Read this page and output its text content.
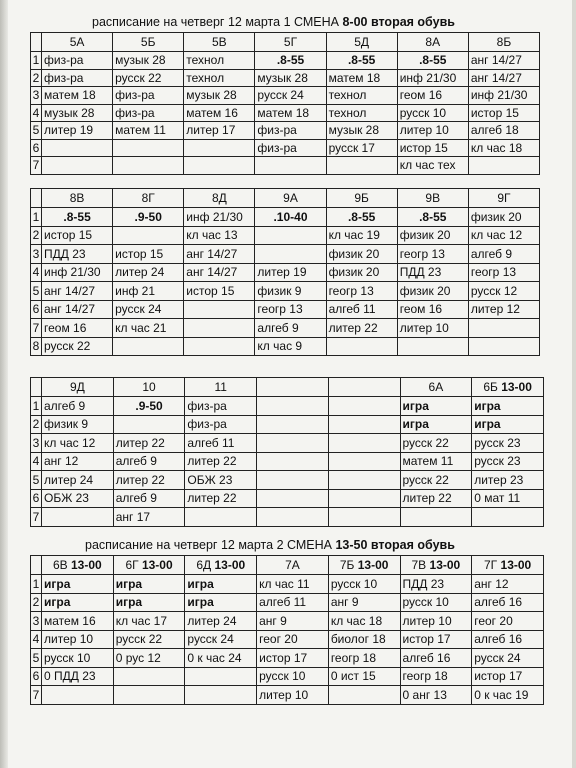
расписание на четверг 12 марта 1 СМЕНА 8-00 вторая обувь
	5А	5Б	5В	5Г	5Д	8А	8Б
1	физ-ра	музык 28	технол	.8-55	.8-55	.8-55	анг 14/27
2	физ-ра	русск 22	технол	музык 28	матем 18	инф 21/30	анг 14/27
3	матем 18	физ-ра	музык 28	русск 24	технол	геом 16	инф 21/30
4	музык 28	физ-ра	матем 16	матем 18	технол	русск 10	истор 15
5	литер 19	матем 11	литер 17	физ-ра	музык 28	литер 10	алгеб 18
6				физ-ра	русск 17	истор 15	кл час 18
7						кл час тех	
	8В	8Г	8Д	9А	9Б	9В	9Г
1	.8-55	.9-50	инф 21/30	.10-40	.8-55	.8-55	физик 20
2	истор 15		кл час 13		кл час 19	физик 20	кл час 12
3	ПДД 23	истор 15	анг 14/27		физик 20	геогр 13	алгеб 9
4	инф 21/30	литер 24	анг 14/27	литер 19	физик 20	ПДД 23	геогр 13
5	анг 14/27	инф 21	истор 15	физик 9	геогр 13	физик 20	русск 12
6	анг 14/27	русск 24		геогр 13	алгеб 11	геом 16	литер 12
7	геом 16	кл час 21		алгеб 9	литер 22	литер 10	
8	русск 22			кл час 9			
	9Д	10	11			6А	6Б 13-00
1	алгеб 9	.9-50	физ-ра			игра	игра
2	физик 9		физ-ра			игра	игра
3	кл час 12	литер 22	алгеб 11			русск 22	русск 23
4	анг 12	алгеб 9	литер 22			матем 11	русск 23
5	литер 24	литер 22	ОБЖ 23			русск 22	литер 23
6	ОБЖ 23	алгеб 9	литер 22			литер 22	0 мат 11
7		анг 17					
расписание на четверг 12 марта 2 СМЕНА 13-50 вторая обувь
	6В 13-00	6Г 13-00	6Д 13-00	7А	7Б 13-00	7В 13-00	7Г 13-00
1	игра	игра	игра	кл час 11	русск 10	ПДД 23	анг 12
2	игра	игра	игра	алгеб 11	анг 9	русск 10	алгеб 16
3	матем 16	кл час 17	литер 24	анг 9	кл час 18	литер 10	геог 20
4	литер 10	русск 22	русск 24	геог 20	биолог 18	истор 17	алгеб 16
5	русск 10	0 рус 12	0 к час 24	истор 17	геогр 18	алгеб 16	русск 24
6	0 ПДД 23			русск 10	0 ист 15	геогр 18	истор 17
7				литер 10		0 анг 13	0 к час 19
